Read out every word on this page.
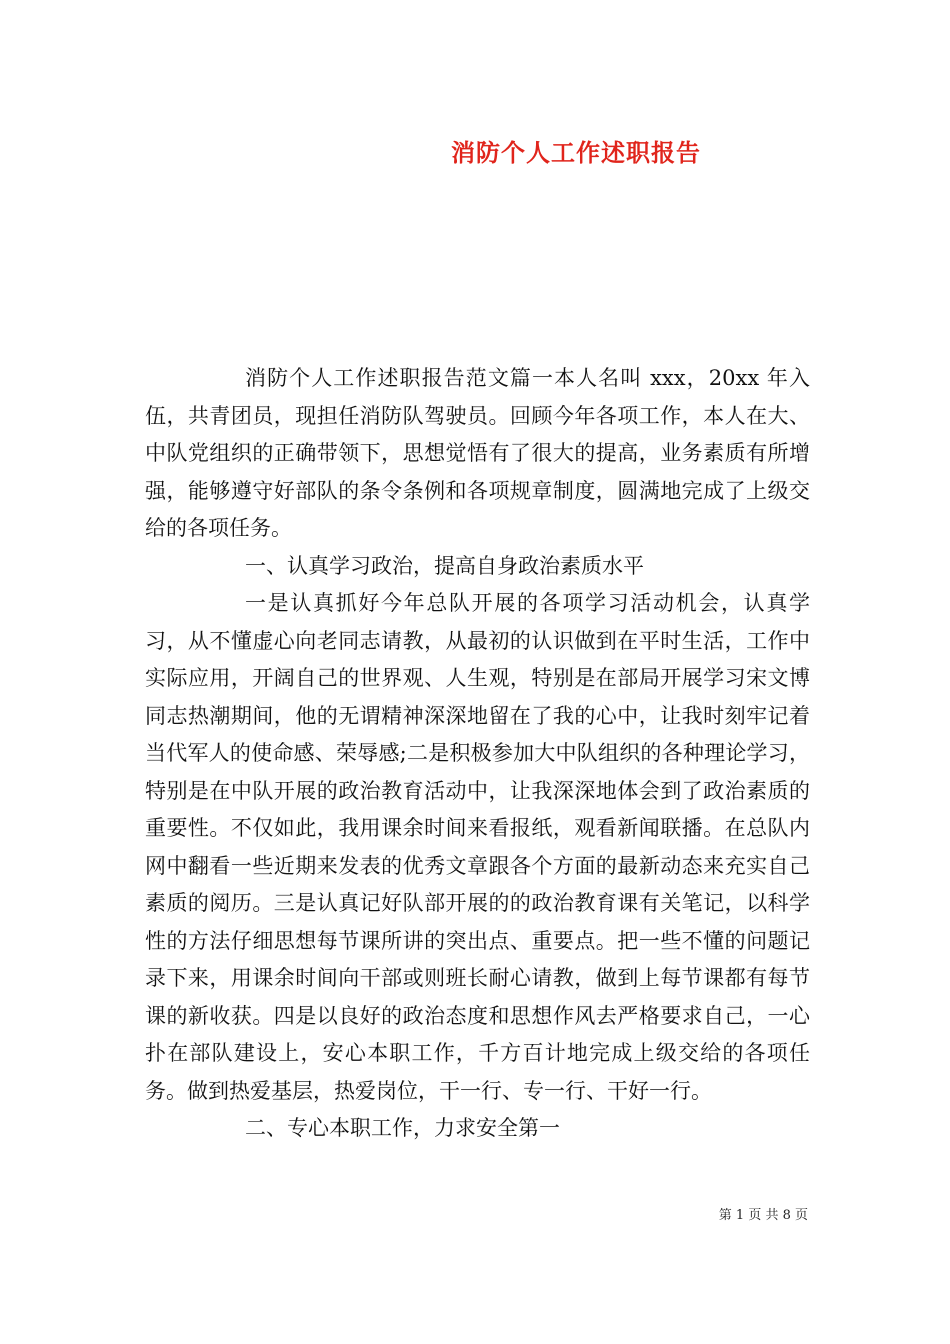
消防个人工作述职报告

消防个人工作述职报告范文篇一本人名叫 xxx，20xx 年入伍，共青团员，现担任消防队驾驶员。回顾今年各项工作，本人在大、中队党组织的正确带领下，思想觉悟有了很大的提高，业务素质有所增强，能够遵守好部队的条令条例和各项规章制度，圆满地完成了上级交给的各项任务。

一、认真学习政治，提高自身政治素质水平

一是认真抓好今年总队开展的各项学习活动机会，认真学习，从不懂虚心向老同志请教，从最初的认识做到在平时生活，工作中实际应用，开阔自己的世界观、人生观，特别是在部局开展学习宋文博同志热潮期间，他的无谓精神深深地留在了我的心中，让我时刻牢记着当代军人的使命感、荣辱感;二是积极参加大中队组织的各种理论学习，特别是在中队开展的政治教育活动中，让我深深地体会到了政治素质的重要性。不仅如此，我用课余时间来看报纸，观看新闻联播。在总队内网中翻看一些近期来发表的优秀文章跟各个方面的最新动态来充实自己素质的阅历。三是认真记好队部开展的的政治教育课有关笔记，以科学性的方法仔细思想每节课所讲的突出点、重要点。把一些不懂的问题记录下来，用课余时间向干部或则班长耐心请教，做到上每节课都有每节课的新收获。四是以良好的政治态度和思想作风去严格要求自己，一心扑在部队建设上，安心本职工作，千方百计地完成上级交给的各项任务。做到热爱基层，热爱岗位，干一行、专一行、干好一行。

二、专心本职工作，力求安全第一

第 1 页 共 8 页
